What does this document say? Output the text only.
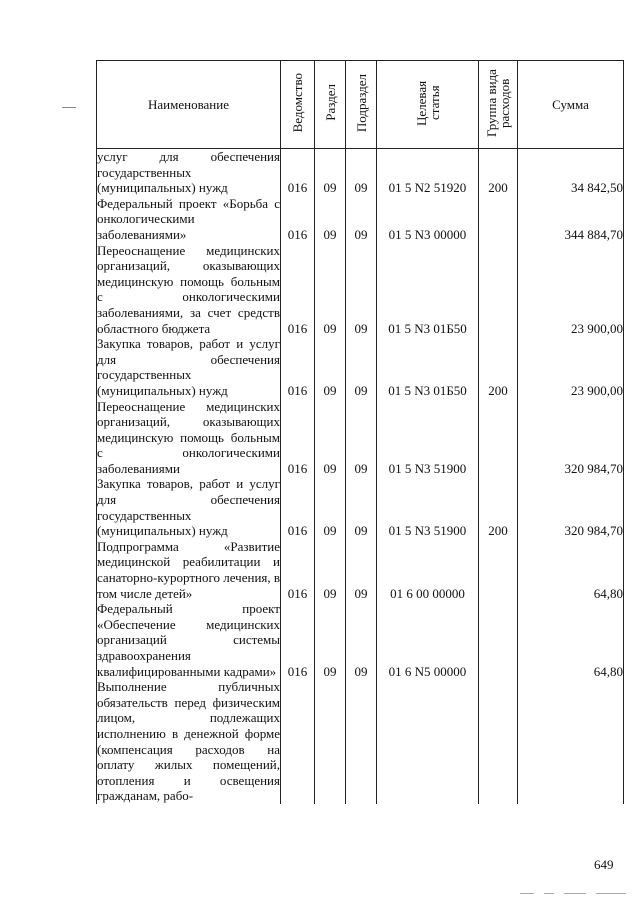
Наименование	Ведомство	Раздел	Подраздел	Целевая статья	Группа вида расходов	Сумма
услуг для обеспечения государственных (муниципальных) нужд	016	09	09	01 5 N2 51920	200	34 842,50
Федеральный проект «Борьба с онкологическими заболеваниями»	016	09	09	01 5 N3 00000		344 884,70
Переоснащение медицинских организаций, оказывающих медицинскую помощь больным с онкологическими заболеваниями, за счет средств областного бюджета	016	09	09	01 5 N3 01Б50		23 900,00
Закупка товаров, работ и услуг для обеспечения государственных (муниципальных) нужд	016	09	09	01 5 N3 01Б50	200	23 900,00
Переоснащение медицинских организаций, оказывающих медицинскую помощь больным с онкологическими заболеваниями	016	09	09	01 5 N3 51900		320 984,70
Закупка товаров, работ и услуг для обеспечения государственных (муниципальных) нужд	016	09	09	01 5 N3 51900	200	320 984,70
Подпрограмма «Развитие медицинской реабилитации и санаторно-курортного лечения, в том числе детей»	016	09	09	01 6 00 00000		64,80
Федеральный проект «Обеспечение медицинских организаций системы здравоохранения квалифицированными кадрами»	016	09	09	01 6 N5 00000		64,80
Выполнение публичных обязательств перед физическим лицом, подлежащих исполнению в денежной форме (компенсация расходов на оплату жилых помещений, отопления и освещения гражданам, рабо-						
649
